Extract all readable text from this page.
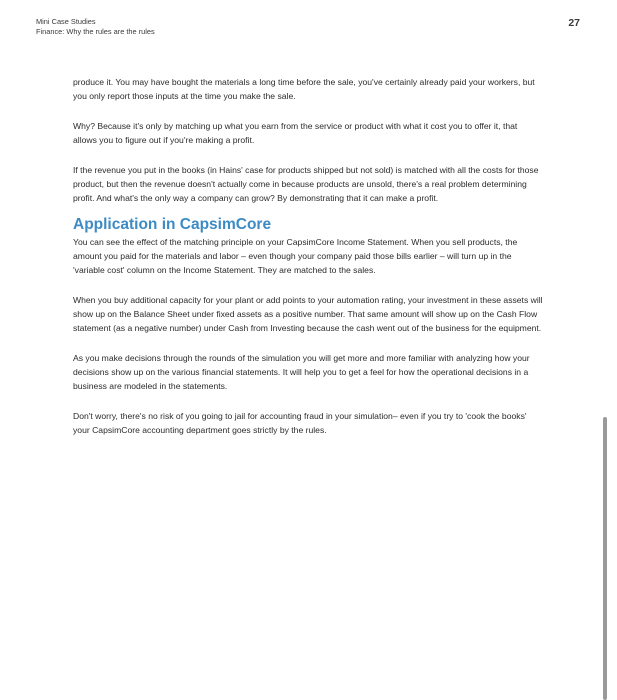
Mini Case Studies
Finance: Why the rules are the rules
27

produce it. You may have bought the materials a long time before the sale, you've certainly already paid your workers, but you only report those inputs at the time you make the sale.

Why? Because it's only by matching up what you earn from the service or product with what it cost you to offer it, that allows you to figure out if you're making a profit.

If the revenue you put in the books (in Hains' case for products shipped but not sold) is matched with all the costs for those product, but then the revenue doesn't actually come in because products are unsold, there's a real problem determining profit. And what's the only way a company can grow? By demonstrating that it can make a profit.

Application in CapsimCore

You can see the effect of the matching principle on your CapsimCore Income Statement. When you sell products, the amount you paid for the materials and labor – even though your company paid those bills earlier – will turn up in the 'variable cost' column on the Income Statement. They are matched to the sales.

When you buy additional capacity for your plant or add points to your automation rating, your investment in these assets will show up on the Balance Sheet under fixed assets as a positive number. That same amount will show up on the Cash Flow statement (as a negative number) under Cash from Investing because the cash went out of the business for the equipment.

As you make decisions through the rounds of the simulation you will get more and more familiar with analyzing how your decisions show up on the various financial statements. It will help you to get a feel for how the operational decisions in a business are modeled in the statements.

Don't worry, there's no risk of you going to jail for accounting fraud in your simulation– even if you try to 'cook the books' your CapsimCore accounting department goes strictly by the rules.
